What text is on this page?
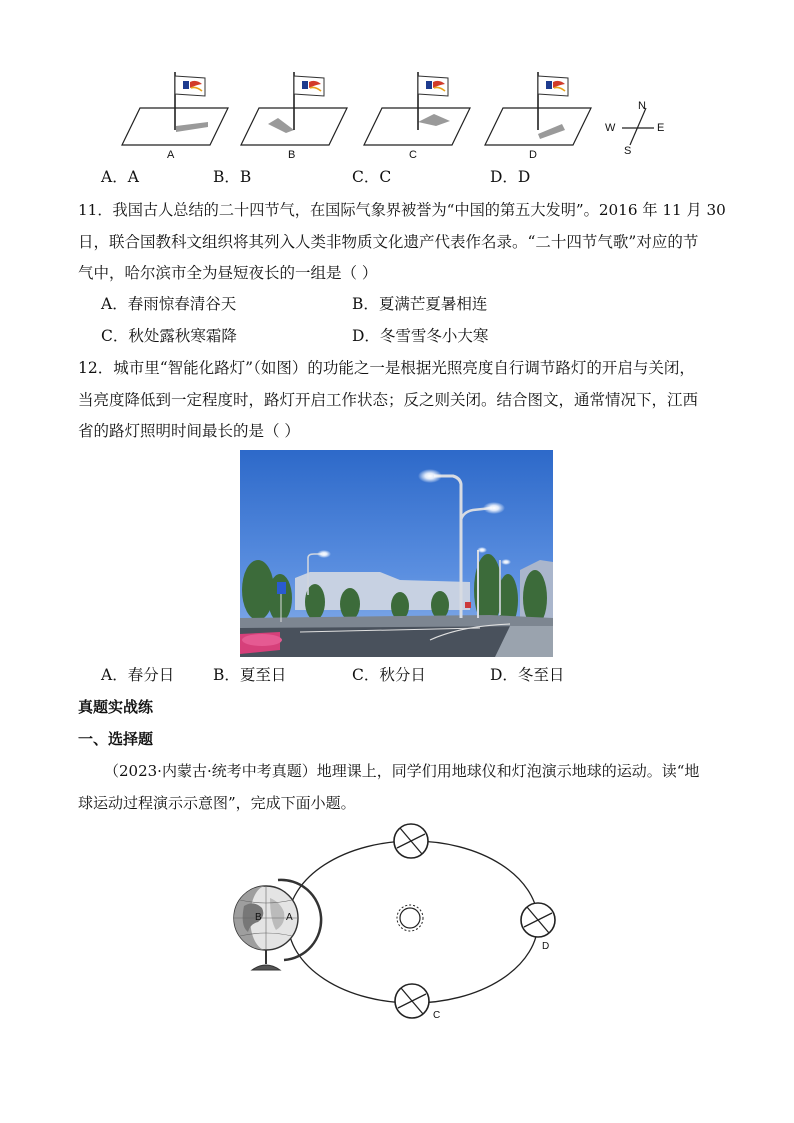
A	B	C	D
N
S
W	E
A．A	B．B	C．C	D．D
11．我国古人总结的二十四节气，在国际气象界被誉为“中国的第五大发明”。2016 年 11 月 30
日，联合国教科文组织将其列入人类非物质文化遗产代表作名录。“二十四节气歌”对应的节
气中，哈尔滨市全为昼短夜长的一组是（ ）
A．春雨惊春清谷天	B．夏满芒夏暑相连
C．秋处露秋寒霜降	D．冬雪雪冬小大寒
12．城市里“智能化路灯”（如图）的功能之一是根据光照亮度自行调节路灯的开启与关闭，
当亮度降低到一定程度时，路灯开启工作状态；反之则关闭。结合图文，通常情况下，江西
省的路灯照明时间最长的是（ ）
A．春分日	B．夏至日	C．秋分日	D．冬至日
真题实战练
一、选择题
（2023·内蒙古·统考中考真题）地理课上，同学们用地球仪和灯泡演示地球的运动。读“地
球运动过程演示示意图”，完成下面小题。
A
B
C
D
